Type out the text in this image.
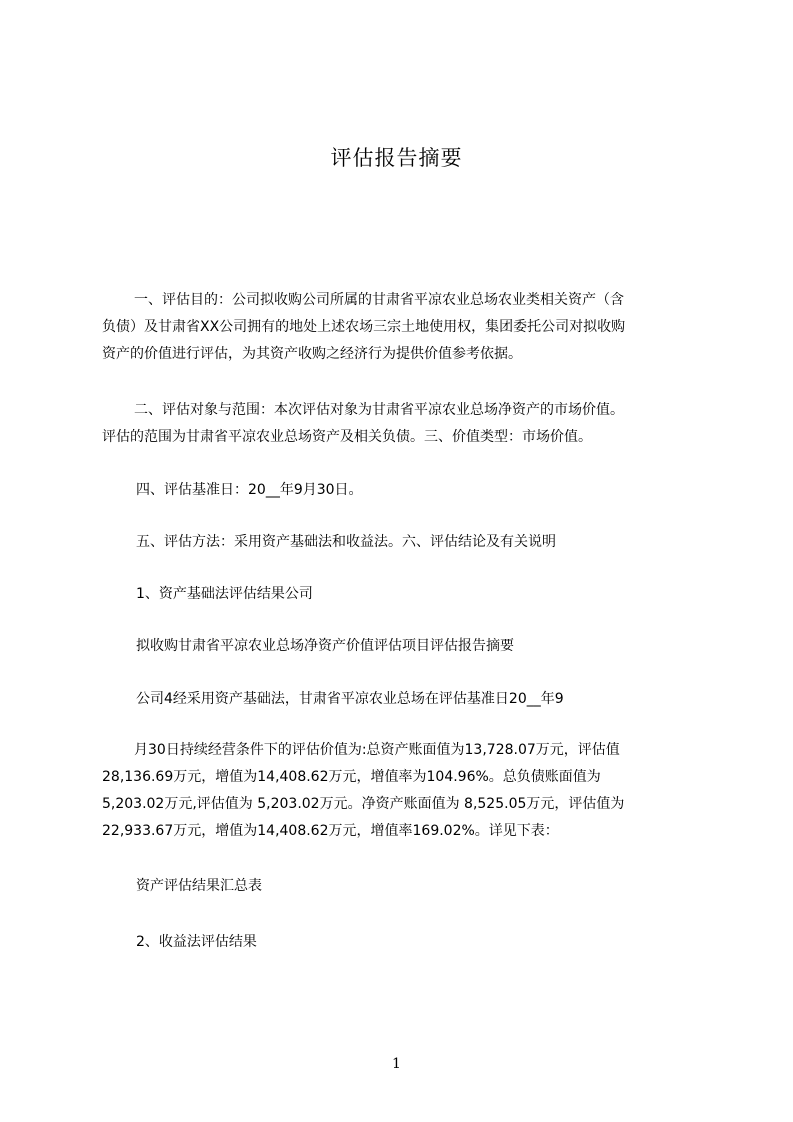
评估报告摘要
一、评估目的：公司拟收购公司所属的甘肃省平凉农业总场农业类相关资产（含
负债）及甘肃省XX公司拥有的地处上述农场三宗土地使用权，集团委托公司对拟收购
资产的价值进行评估，为其资产收购之经济行为提供价值参考依据。
二、评估对象与范围：本次评估对象为甘肃省平凉农业总场净资产的市场价值。
评估的范围为甘肃省平凉农业总场资产及相关负债。三、价值类型：市场价值。
四、评估基准日：20__年9月30日。
五、评估方法：采用资产基础法和收益法。六、评估结论及有关说明
1、资产基础法评估结果公司
拟收购甘肃省平凉农业总场净资产价值评估项目评估报告摘要
公司4经采用资产基础法，甘肃省平凉农业总场在评估基准日20__年9
月30日持续经营条件下的评估价值为:总资产账面值为13,728.07万元，评估值
28,136.69万元，增值为14,408.62万元，增值率为104.96%。总负债账面值为
5,203.02万元,评估值为 5,203.02万元。净资产账面值为 8,525.05万元，评估值为
22,933.67万元，增值为14,408.62万元，增值率169.02%。详见下表：
资产评估结果汇总表
2、收益法评估结果
1
